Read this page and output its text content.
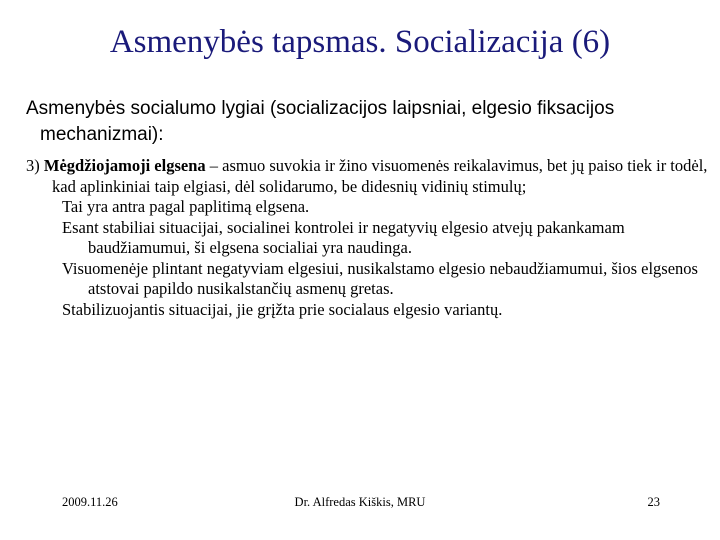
Asmenybės tapsmas. Socializacija (6)
Asmenybės socialumo lygiai (socializacijos laipsniai, elgesio fiksacijos mechanizmai):

3) Mėgdžiojamoji elgsena – asmuo suvokia ir žino visuomenės reikalavimus, bet jų paiso tiek ir todėl, kad aplinkiniai taip elgiasi, dėl solidarumo, be didesnių vidinių stimulų;

Tai yra antra pagal paplitimą elgsena.

Esant stabiliai situacijai, socialinei kontrolei ir negatyvių elgesio atvejų pakankamam baudžiamumui, ši elgsena socialiai yra naudinga.

Visuomenėje plintant negatyviam elgesiui, nusikalstamo elgesio nebaudžiamumui, šios elgsenos atstovai papildo nusikalstančių asmenų gretas.

Stabilizuojantis situacijai, jie grįžta prie socialaus elgesio variantų.

2009.11.26	Dr. Alfredas Kiškis, MRU	23
